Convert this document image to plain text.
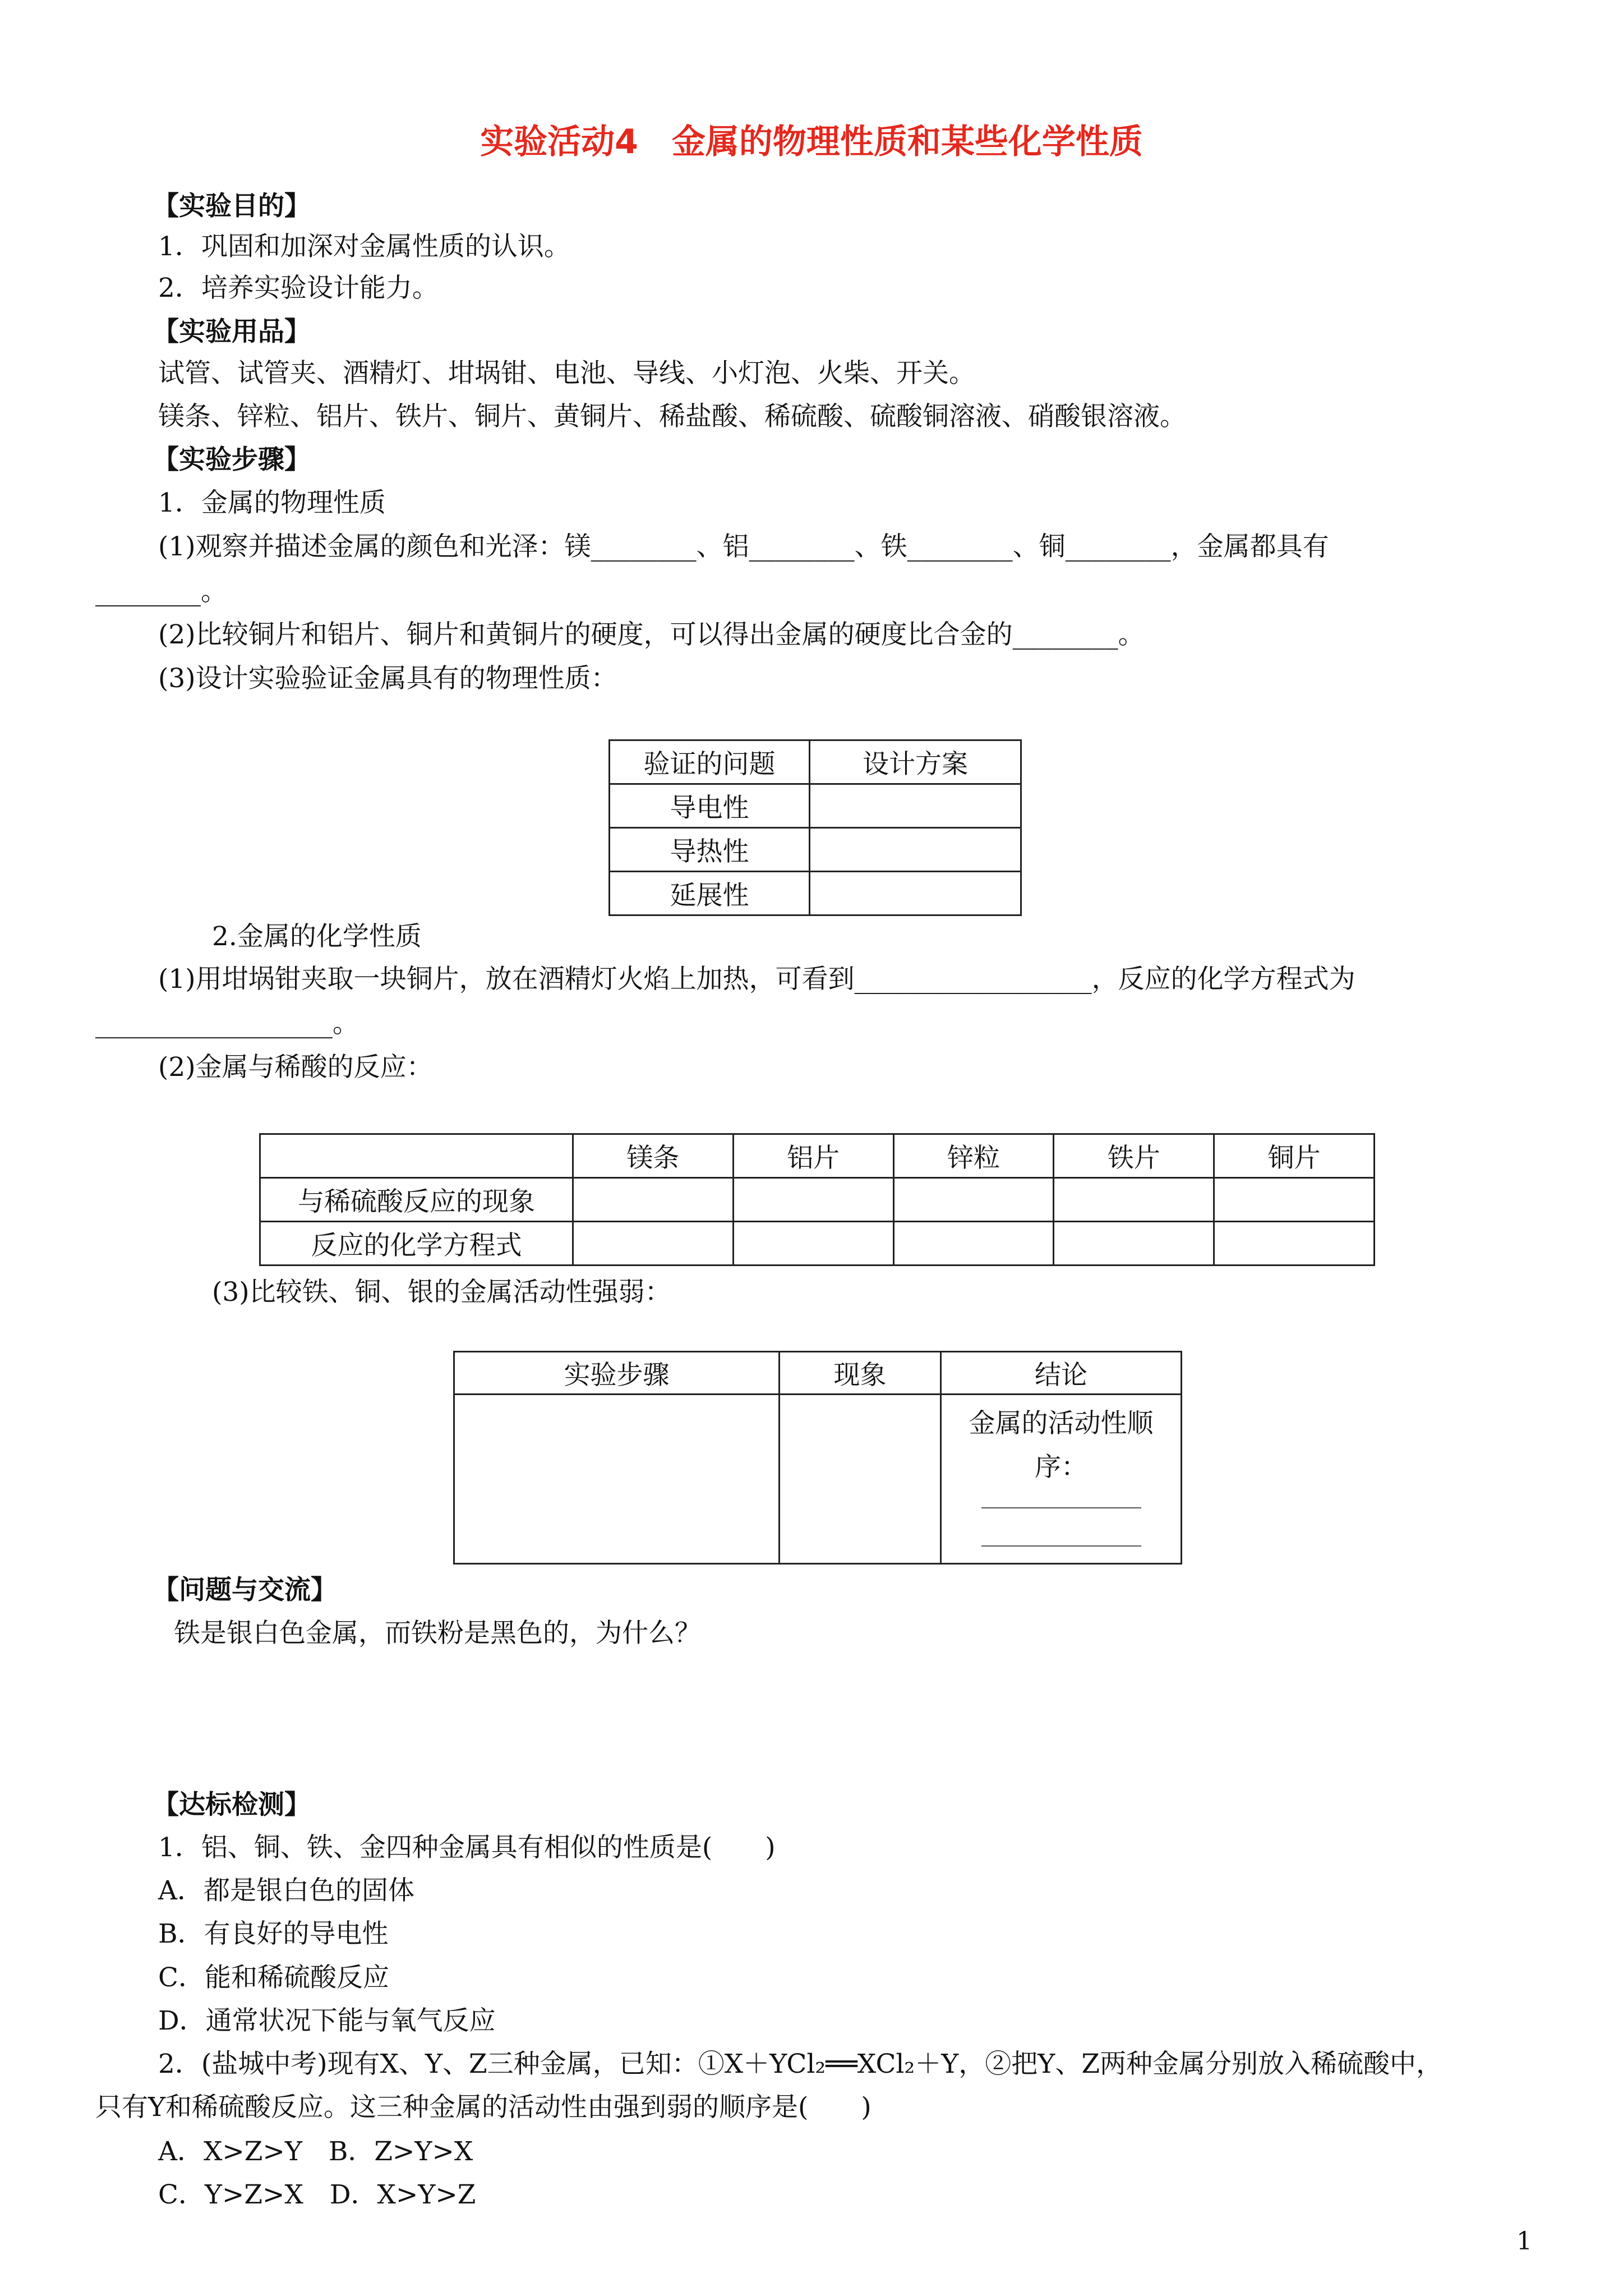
实验活动4　金属的物理性质和某些化学性质
【实验目的】
1．巩固和加深对金属性质的认识。
2．培养实验设计能力。
【实验用品】
试管、试管夹、酒精灯、坩埚钳、电池、导线、小灯泡、火柴、开关。
镁条、锌粒、铝片、铁片、铜片、黄铜片、稀盐酸、稀硫酸、硫酸铜溶液、硝酸银溶液。
【实验步骤】
1．金属的物理性质
(1)观察并描述金属的颜色和光泽：镁________、铝________、铁________、铜________，金属都具有
________。
(2)比较铜片和铝片、铜片和黄铜片的硬度，可以得出金属的硬度比合金的________。
(3)设计实验验证金属具有的物理性质：
验证的问题	设计方案
导电性	
导热性	
延展性	
2.金属的化学性质
(1)用坩埚钳夹取一块铜片，放在酒精灯火焰上加热，可看到__________________，反应的化学方程式为
__________________。
(2)金属与稀酸的反应：
	镁条	铝片	锌粒	铁片	铜片
与稀硫酸反应的现象					
反应的化学方程式					
(3)比较铁、铜、银的金属活动性强弱：
实验步骤	现象	结论

		金属的活动性顺
序：
【问题与交流】
铁是银白色金属，而铁粉是黑色的，为什么？
【达标检测】
1．铝、铜、铁、金四种金属具有相似的性质是(　　)
A．都是银白色的固体
B．有良好的导电性
C．能和稀硫酸反应
D．通常状况下能与氧气反应
2．(盐城中考)现有X、Y、Z三种金属，已知：①X＋YCl₂══XCl₂＋Y，②把Y、Z两种金属分别放入稀硫酸中，
只有Y和稀硫酸反应。这三种金属的活动性由强到弱的顺序是(　　)
A．X>Z>Y　B．Z>Y>X
C．Y>Z>X　D．X>Y>Z
1
